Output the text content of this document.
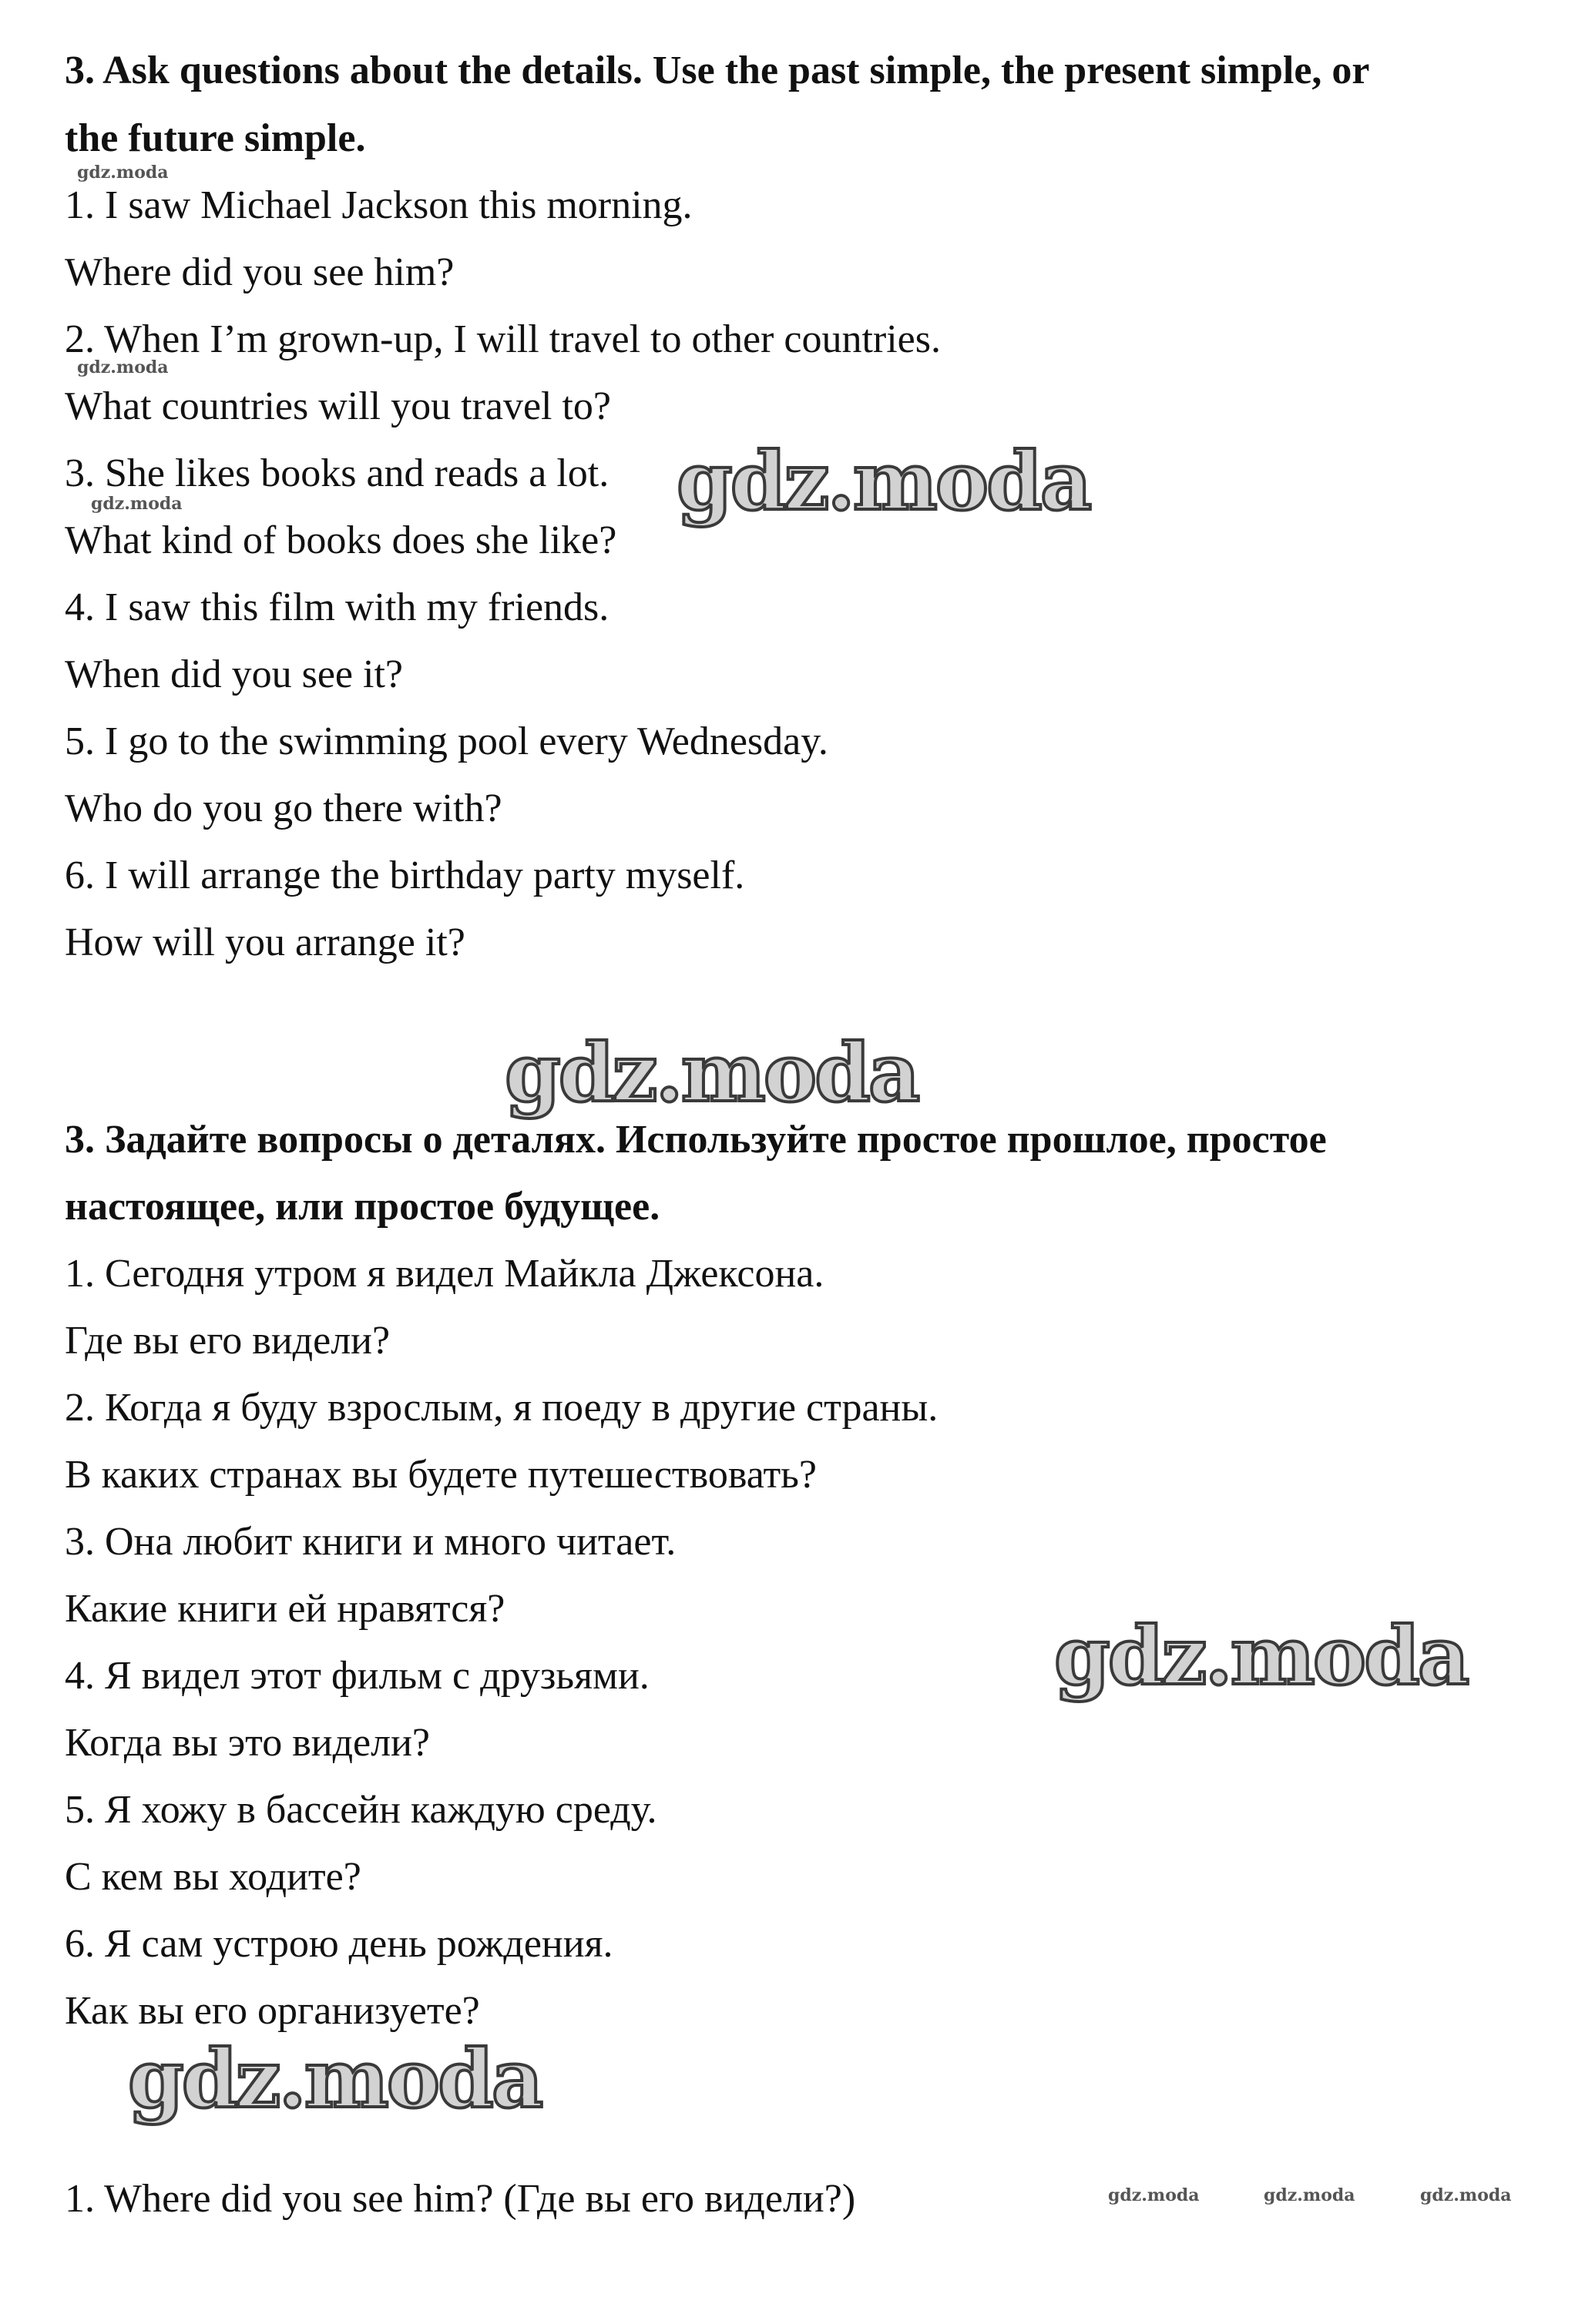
3. Ask questions about the details. Use the past simple, the present simple, or
the future simple.
1. I saw Michael Jackson this morning.
Where did you see him?
2. When I’m grown-up, I will travel to other countries.
What countries will you travel to?
3. She likes books and reads a lot.
What kind of books does she like?
4. I saw this film with my friends.
When did you see it?
5. I go to the swimming pool every Wednesday.
Who do you go there with?
6. I will arrange the birthday party myself.
How will you arrange it?
3. Задайте вопросы о деталях. Используйте простое прошлое, простое
настоящее, или простое будущее.
1. Сегодня утром я видел Майкла Джексона.
Где вы его видели?
2. Когда я буду взрослым, я поеду в другие страны.
В каких странах вы будете путешествовать?
3. Она любит книги и много читает.
Какие книги ей нравятся?
4. Я видел этот фильм с друзьями.
Когда вы это видели?
5. Я хожу в бассейн каждую среду.
С кем вы ходите?
6. Я сам устрою день рождения.
Как вы его организуете?
1. Where did you see him? (Где вы его видели?)
gdz.moda
gdz.moda
gdz.moda
gdz.moda
gdz.moda
gdz.moda
gdz.moda
gdz.moda	gdz.moda	gdz.moda
